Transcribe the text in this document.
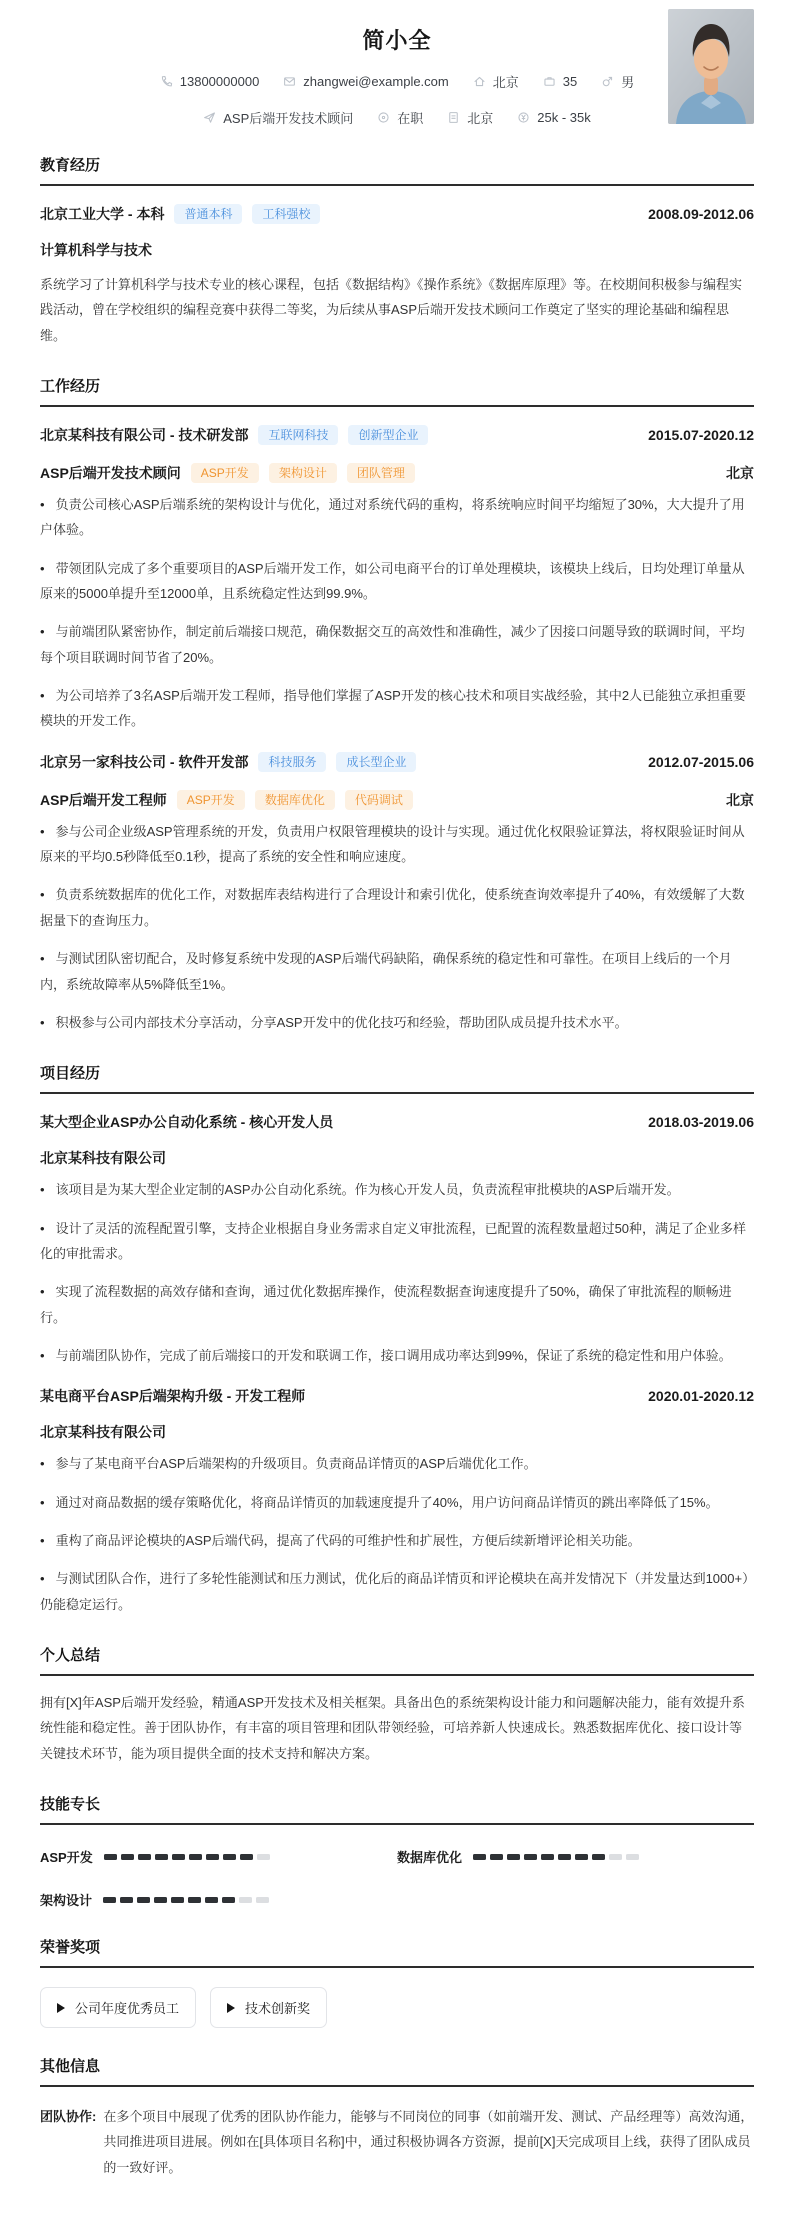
简小全
13800000000	zhangwei@example.com	北京	35	男
ASP后端开发技术顾问	在职	北京	25k - 35k
教育经历
北京工业大学 - 本科	普通本科	工科强校	2008.09-2012.06
计算机科学与技术

系统学习了计算机科学与技术专业的核心课程，包括《数据结构》《操作系统》《数据库原理》等。在校期间积极参与编程实践活动，曾在学校组织的编程竞赛中获得二等奖，为后续从事ASP后端开发技术顾问工作奠定了坚实的理论基础和编程思维。

工作经历
北京某科技有限公司 - 技术研发部	互联网科技	创新型企业	2015.07-2020.12
ASP后端开发技术顾问	ASP开发	架构设计	团队管理	北京

• 负责公司核心ASP后端系统的架构设计与优化，通过对系统代码的重构，将系统响应时间平均缩短了30%，大大提升了用户体验。

• 带领团队完成了多个重要项目的ASP后端开发工作，如公司电商平台的订单处理模块，该模块上线后，日均处理订单量从原来的5000单提升至12000单，且系统稳定性达到99.9%。

• 与前端团队紧密协作，制定前后端接口规范，确保数据交互的高效性和准确性，减少了因接口问题导致的联调时间，平均每个项目联调时间节省了20%。

• 为公司培养了3名ASP后端开发工程师，指导他们掌握了ASP开发的核心技术和项目实战经验，其中2人已能独立承担重要模块的开发工作。

北京另一家科技公司 - 软件开发部	科技服务	成长型企业	2012.07-2015.06
ASP后端开发工程师	ASP开发	数据库优化	代码调试	北京

• 参与公司企业级ASP管理系统的开发，负责用户权限管理模块的设计与实现。通过优化权限验证算法，将权限验证时间从原来的平均0.5秒降低至0.1秒，提高了系统的安全性和响应速度。

• 负责系统数据库的优化工作，对数据库表结构进行了合理设计和索引优化，使系统查询效率提升了40%，有效缓解了大数据量下的查询压力。

• 与测试团队密切配合，及时修复系统中发现的ASP后端代码缺陷，确保系统的稳定性和可靠性。在项目上线后的一个月内，系统故障率从5%降低至1%。

• 积极参与公司内部技术分享活动，分享ASP开发中的优化技巧和经验，帮助团队成员提升技术水平。

项目经历
某大型企业ASP办公自动化系统 - 核心开发人员	2018.03-2019.06
北京某科技有限公司

• 该项目是为某大型企业定制的ASP办公自动化系统。作为核心开发人员，负责流程审批模块的ASP后端开发。

• 设计了灵活的流程配置引擎，支持企业根据自身业务需求自定义审批流程，已配置的流程数量超过50种，满足了企业多样化的审批需求。

• 实现了流程数据的高效存储和查询，通过优化数据库操作，使流程数据查询速度提升了50%，确保了审批流程的顺畅进行。

• 与前端团队协作，完成了前后端接口的开发和联调工作，接口调用成功率达到99%，保证了系统的稳定性和用户体验。

某电商平台ASP后端架构升级 - 开发工程师	2020.01-2020.12
北京某科技有限公司

• 参与了某电商平台ASP后端架构的升级项目。负责商品详情页的ASP后端优化工作。

• 通过对商品数据的缓存策略优化，将商品详情页的加载速度提升了40%，用户访问商品详情页的跳出率降低了15%。

• 重构了商品评论模块的ASP后端代码，提高了代码的可维护性和扩展性，方便后续新增评论相关功能。

• 与测试团队合作，进行了多轮性能测试和压力测试，优化后的商品详情页和评论模块在高并发情况下（并发量达到1000+）仍能稳定运行。

个人总结

拥有[X]年ASP后端开发经验，精通ASP开发技术及相关框架。具备出色的系统架构设计能力和问题解决能力，能有效提升系统性能和稳定性。善于团队协作，有丰富的项目管理和团队带领经验，可培养新人快速成长。熟悉数据库优化、接口设计等关键技术环节，能为项目提供全面的技术支持和解决方案。

技能专长
ASP开发	数据库优化
架构设计
荣誉奖项
公司年度优秀员工	技术创新奖
其他信息
团队协作: 在多个项目中展现了优秀的团队协作能力，能够与不同岗位的同事（如前端开发、测试、产品经理等）高效沟通，共同推进项目进展。例如在[具体项目名称]中，通过积极协调各方资源，提前[X]天完成项目上线，获得了团队成员的一致好评。
